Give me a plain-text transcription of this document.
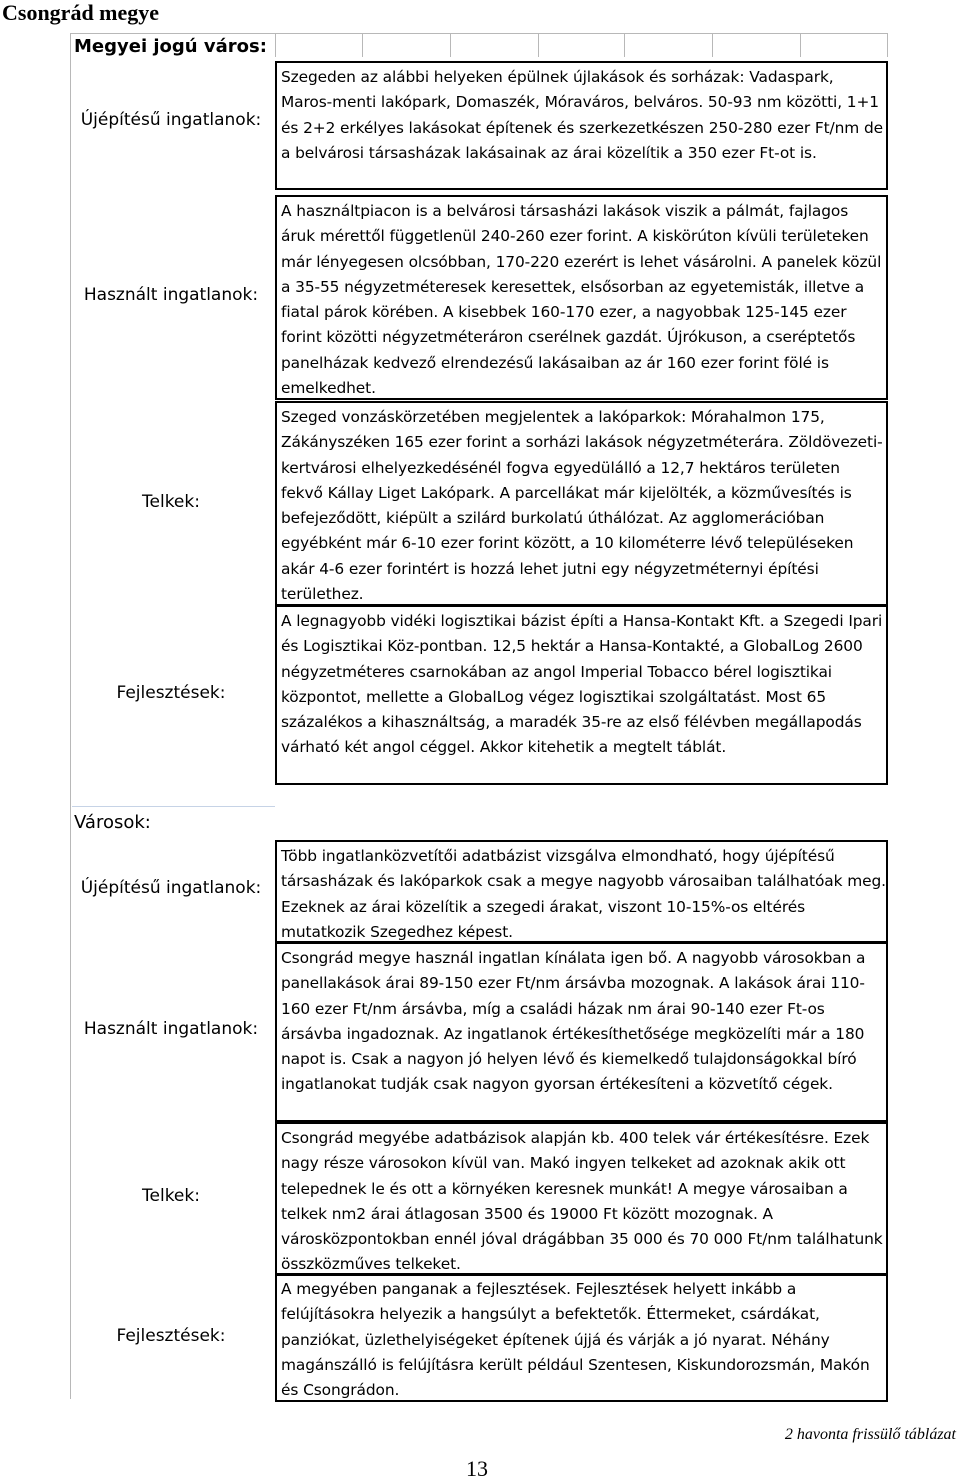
Csongrád megye
Megyei jogú város:
Újépítésű ingatlanok:
Szegeden az alábbi helyeken épülnek újlakások és sorházak: Vadaspark, Maros-menti lakópark, Domaszék, Móraváros, belváros. 50-93 nm közötti, 1+1 és 2+2 erkélyes lakásokat építenek és szerkezetkészen 250-280 ezer Ft/nm de a belvárosi társasházak lakásainak az árai közelítik a 350 ezer Ft-ot is.
Használt ingatlanok:
A használtpiacon is a belvárosi társasházi lakások viszik a pálmát, fajlagos áruk mérettől függetlenül 240-260 ezer forint. A kiskörúton kívüli területeken már lényegesen olcsóbban, 170-220 ezerért is lehet vásárolni. A panelek közül a 35-55 négyzetméteresek keresettek, elsősorban az egyetemisták, illetve a fiatal párok körében. A kisebbek 160-170 ezer, a nagyobbak 125-145 ezer forint közötti négyzetméteráron cserélnek gazdát. Újrókuson, a cseréptetős panelházak kedvező elrendezésű lakásaiban az ár 160 ezer forint fölé is emelkedhet.
Telkek:
Szeged vonzáskörzetében megjelentek a lakóparkok: Mórahalmon 175, Zákányszéken 165 ezer forint a sorházi lakások négyzetméterára. Zöldövezeti-kertvárosi elhelyezkedésénél fogva egyedülálló a 12,7 hektáros területen fekvő Kállay Liget Lakópark. A parcellákat már kijelölték, a közművesítés is befejeződött, kiépült a szilárd burkolatú úthálózat. Az agglomerációban egyébként már 6-10 ezer forint között, a 10 kilométerre lévő településeken akár 4-6 ezer forintért is hozzá lehet jutni egy négyzetméternyi építési területhez.
Fejlesztések:
A legnagyobb vidéki logisztikai bázist építi a Hansa-Kontakt Kft. a Szegedi Ipari és Logisztikai Köz-pontban. 12,5 hektár a Hansa-Kontakté, a GlobalLog 2600 négyzetméteres csarnokában az angol Imperial Tobacco bérel logisztikai központot, mellette a GlobalLog végez logisztikai szolgáltatást. Most 65 százalékos a kihasználtság, a maradék 35-re az első félévben megállapodás várható két angol céggel. Akkor kitehetik a megtelt táblát.
Városok:
Újépítésű ingatlanok:
Több ingatlanközvetítői adatbázist vizsgálva elmondható, hogy újépítésű társasházak és lakóparkok csak a megye nagyobb városaiban találhatóak meg. Ezeknek az árai közelítik a szegedi árakat, viszont 10-15%-os eltérés mutatkozik Szegedhez képest.
Használt ingatlanok:
Csongrád megye használ ingatlan kínálata igen bő. A nagyobb városokban a panellakások árai 89-150 ezer Ft/nm ársávba mozognak. A lakások árai 110-160 ezer Ft/nm ársávba, míg a családi házak nm árai 90-140 ezer Ft-os ársávba ingadoznak. Az ingatlanok értékesíthetősége megközelíti már a 180 napot is. Csak a nagyon jó helyen lévő és kiemelkedő tulajdonságokkal bíró ingatlanokat tudják csak nagyon gyorsan értékesíteni a közvetítő cégek.
Telkek:
Csongrád megyébe adatbázisok alapján kb. 400 telek vár értékesítésre. Ezek nagy része városokon kívül van. Makó ingyen telkeket ad azoknak akik ott telepednek le és ott a környéken keresnek munkát! A megye városaiban a telkek nm2 árai átlagosan 3500 és 19000 Ft között mozognak. A városközpontokban ennél jóval drágábban 35 000 és 70 000 Ft/nm találhatunk összközműves telkeket.
Fejlesztések:
A megyében panganak a fejlesztések. Fejlesztések helyett inkább a felújításokra helyezik a hangsúlyt a befektetők. Éttermeket, csárdákat, panziókat, üzlethelyiségeket építenek újjá és várják a jó nyarat. Néhány magánszálló is felújításra került például Szentesen, Kiskundorozsmán, Makón és Csongrádon.
2 havonta frissülő táblázat
13
